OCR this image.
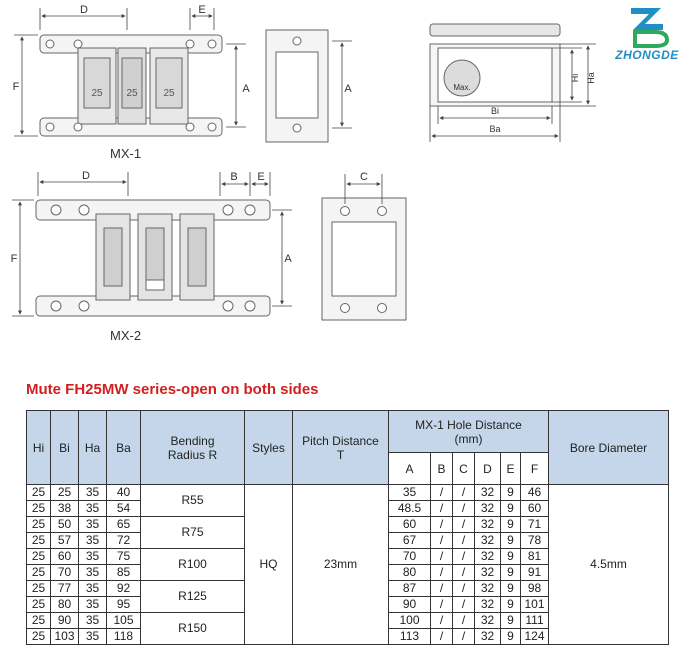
25 25	25
D	E
F	A
MX-1
A	Max.
Bi
Ba
Hi Ha
D	B E
F	A
MX-2
C
ZHONGDE
Mute FH25MW series-open on both sides
Hi	Bi	Ha	Ba	Bending Radius R	Styles	Pitch Distance T	MX-1 Hole Distance (mm)						Bore Diameter
							A	B	C	D	E	F	
25	25	35	40	R55	HQ	23mm	35	/	/	32	9	46	4.5mm
25	38	35	54				48.5	/	/	32	9	60	
25	50	35	65	R75			60	/	/	32	9	71	
25	57	35	72				67	/	/	32	9	78	
25	60	35	75	R100			70	/	/	32	9	81	
25	70	35	85				80	/	/	32	9	91	
25	77	35	92	R125			87	/	/	32	9	98	
25	80	35	95				90	/	/	32	9	101	
25	90	35	105	R150			100	/	/	32	9	111	
25	103	35	118				113	/	/	32	9	124	
